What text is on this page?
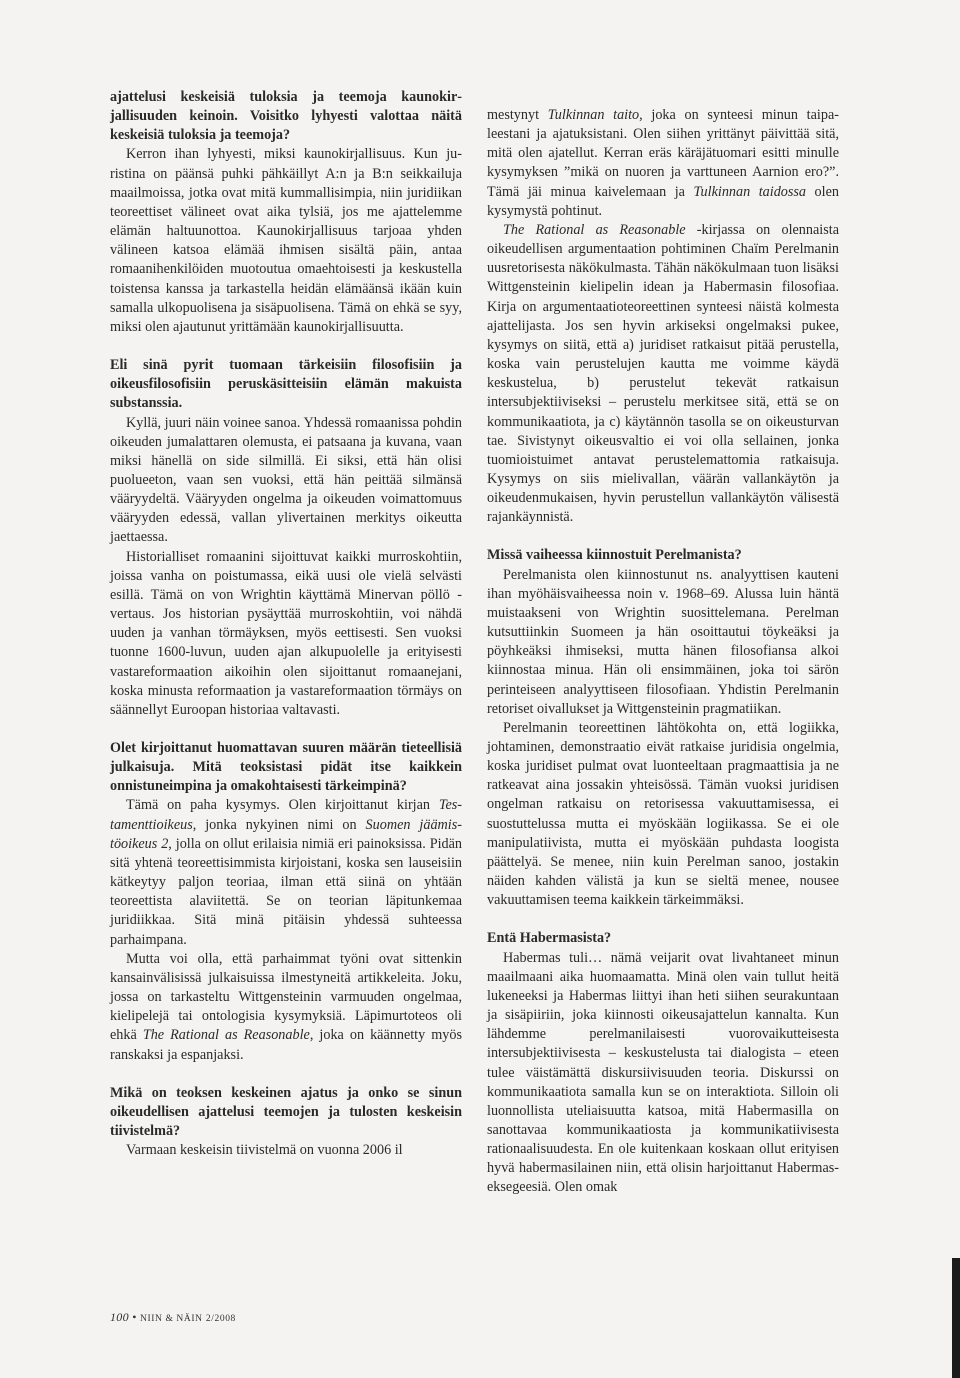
ajattelusi keskeisiä tuloksia ja teemoja kaunokirjallisuuden keinoin. Voisitko lyhyesti valottaa näitä keskeisiä tuloksia ja teemoja?

Kerron ihan lyhyesti, miksi kaunokirjallisuus. Kun juristina on päänsä puhki pähkäillyt A:n ja B:n seikkailuja maailmoissa, jotka ovat mitä kummallisimpia, niin juridiikan teoreettiset välineet ovat aika tylsiä, jos me ajattelemme elämän haltuunottoa. Kaunokirjallisuus tarjoaa yhden välineen katsoa elämää ihmisen sisältä päin, antaa romaanihenkilöiden muotoutua omaehtoisesti ja keskustella toistensa kanssa ja tarkastella heidän elämäänsä ikään kuin samalla ulkopuolisena ja sisäpuolisena. Tämä on ehkä se syy, miksi olen ajautunut yrittämään kaunokirjallisuutta.

Eli sinä pyrit tuomaan tärkeisiin filosofisiin ja oikeusfilosofisiin peruskäsitteisiin elämän makuista substanssia.

Kyllä, juuri näin voinee sanoa. Yhdessä romaanissa pohdin oikeuden jumalattaren olemusta, ei patsaana ja kuvana, vaan miksi hänellä on side silmillä. Ei siksi, että hän olisi puolueeton, vaan sen vuoksi, että hän peittää silmänsä vääryydeltä. Vääryyden ongelma ja oikeuden voimattomuus vääryyden edessä, vallan ylivertainen merkitys oikeutta jaettaessa.

Historialliset romaanini sijoittuvat kaikki murroskohtiin, joissa vanha on poistumassa, eikä uusi ole vielä selvästi esillä. Tämä on von Wrightin käyttämä Minervan pöllö -vertaus. Jos historian pysäyttää murroskohtiin, voi nähdä uuden ja vanhan törmäyksen, myös eettisesti. Sen vuoksi tuonne 1600-luvun, uuden ajan alkupuolelle ja erityisesti vastareformaation aikoihin olen sijoittanut romaanejani, koska minusta reformaation ja vastareformaation törmäys on säännellyt Euroopan historiaa valtavasti.

Olet kirjoittanut huomattavan suuren määrän tieteellisiä julkaisuja. Mitä teoksistasi pidät itse kaikkein onnistuneimpina ja omakohtaisesti tärkeimpinä?

Tämä on paha kysymys. Olen kirjoittanut kirjan Testamenttioikeus, jonka nykyinen nimi on Suomen jäämistöoikeus 2, jolla on ollut erilaisia nimiä eri painoksissa. Pidän sitä yhtenä teoreettisimmista kirjoistani, koska sen lauseisiin kätkeytyy paljon teoriaa, ilman että siinä on yhtään teoreettista alaviitettä. Se on teorian läpitunkemaa juridiikkaa. Sitä minä pitäisin yhdessä suhteessa parhaimpana.

Mutta voi olla, että parhaimmat työni ovat sittenkin kansainvälisissä julkaisuissa ilmestyneitä artikkeleita. Joku, jossa on tarkasteltu Wittgensteinin varmuuden ongelmaa, kielipelejä tai ontologisia kysymyksiä. Läpimurtoteos oli ehkä The Rational as Reasonable, joka on käännetty myös ranskaksi ja espanjaksi.

Mikä on teoksen keskeinen ajatus ja onko se sinun oikeudellisen ajattelusi teemojen ja tulosten keskeisin tiivistelmä?

Varmaan keskeisin tiivistelmä on vuonna 2006 il

mestynyt Tulkinnan taito, joka on synteesi minun taipaleestani ja ajatuksistani. Olen siihen yrittänyt päivittää sitä, mitä olen ajatellut. Kerran eräs käräjätuomari esitti minulle kysymyksen ”mikä on nuoren ja varttuneen Aarnion ero?”. Tämä jäi minua kaivelemaan ja Tulkinnan taidossa olen kysymystä pohtinut.

The Rational as Reasonable -kirjassa on olennaista oikeudellisen argumentaation pohtiminen Chaïm Perelmanin uusretorisesta näkökulmasta. Tähän näkökulmaan tuon lisäksi Wittgensteinin kielipelin idean ja Habermasin filosofiaa. Kirja on argumentaatioteoreettinen synteesi näistä kolmesta ajattelijasta. Jos sen hyvin arkiseksi ongelmaksi pukee, kysymys on siitä, että a) juridiset ratkaisut pitää perustella, koska vain perustelujen kautta me voimme käydä keskustelua, b) perustelut tekevät ratkaisun intersubjektiiviseksi – perustelu merkitsee sitä, että se on kommunikaatiota, ja c) käytännön tasolla se on oikeusturvan tae. Sivistynyt oikeusvaltio ei voi olla sellainen, jonka tuomioistuimet antavat perustelemattomia ratkaisuja. Kysymys on siis mielivallan, väärän vallankäytön ja oikeudenmukaisen, hyvin perustellun vallankäytön välisestä rajankäynnistä.

Missä vaiheessa kiinnostuit Perelmanista?

Perelmanista olen kiinnostunut ns. analyyttisen kauteni ihan myöhäisvaiheessa noin v. 1968–69. Alussa luin häntä muistaakseni von Wrightin suosittelemana. Perelman kutsuttiinkin Suomeen ja hän osoittautui töykeäksi ja pöyhkeäksi ihmiseksi, mutta hänen filosofiansa alkoi kiinnostaa minua. Hän oli ensimmäinen, joka toi särön perinteiseen analyyttiseen filosofiaan. Yhdistin Perelmanin retoriset oivallukset ja Wittgensteinin pragmatiikan.

Perelmanin teoreettinen lähtökohta on, että logiikka, johtaminen, demonstraatio eivät ratkaise juridisia ongelmia, koska juridiset pulmat ovat luonteeltaan pragmaattisia ja ne ratkeavat aina jossakin yhteisössä. Tämän vuoksi juridisen ongelman ratkaisu on retorisessa vakuuttamisessa, ei suostuttelussa mutta ei myöskään logiikassa. Se ei ole manipulatiivista, mutta ei myöskään puhdasta loogista päättelyä. Se menee, niin kuin Perelman sanoo, jostakin näiden kahden välistä ja kun se sieltä menee, nousee vakuuttamisen teema kaikkein tärkeimmäksi.

Entä Habermasista?

Habermas tuli… nämä veijarit ovat livahtaneet minun maailmaani aika huomaamatta. Minä olen vain tullut heitä lukeneeksi ja Habermas liittyi ihan heti siihen seurakuntaan ja sisäpiiriin, joka kiinnosti oikeusajattelun kannalta. Kun lähdemme perelmanilaisesti vuorovaikutteisesta intersubjektiivisesta – keskustelusta tai dialogista – eteen tulee väistämättä diskursiivisuuden teoria. Diskurssi on kommunikaatiota samalla kun se on interaktiota. Silloin oli luonnollista uteliaisuutta katsoa, mitä Habermasilla on sanottavaa kommunikaatiosta ja kommunikatiivisesta rationaalisuudesta. En ole kuitenkaan koskaan ollut erityisen hyvä habermasilainen niin, että olisin harjoittanut Habermas-eksegeesiä. Olen omak

100 • NIIN & NÄIN 2/2008
